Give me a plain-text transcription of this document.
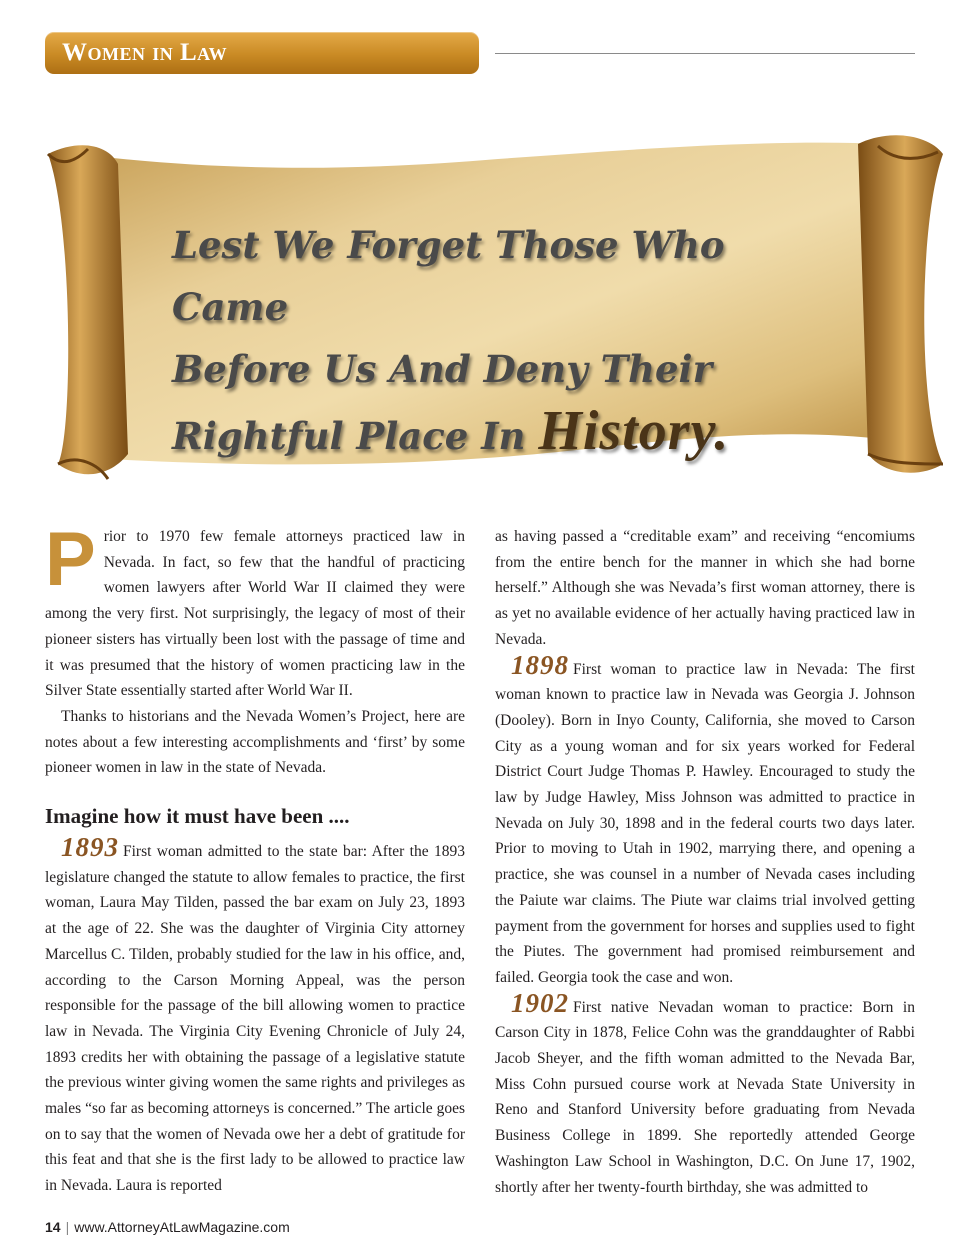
Women in Law
Lest We Forget Those Who Came
Before Us And Deny Their
Rightful Place In History.

Prior to 1970 few female attorneys practiced law in Nevada. In fact, so few that the handful of practicing women lawyers after World War II claimed they were among the very first. Not surprisingly, the legacy of most of their pioneer sisters has virtually been lost with the passage of time and it was presumed that the history of women practicing law in the Silver State essentially started after World War II.

Thanks to historians and the Nevada Women’s Project, here are notes about a few interesting accomplishments and ‘first’ by some pioneer women in law in the state of Nevada.

Imagine how it must have been ....

1893 First woman admitted to the state bar: After the 1893 legislature changed the statute to allow females to practice, the first woman, Laura May Tilden, passed the bar exam on July 23, 1893 at the age of 22. She was the daughter of Virginia City attorney Marcellus C. Tilden, probably studied for the law in his office, and, according to the Carson Morning Appeal, was the person responsible for the passage of the bill allowing women to practice law in Nevada. The Virginia City Evening Chronicle of July 24, 1893 credits her with obtaining the passage of a legislative statute the previous winter giving women the same rights and privileges as males “so far as becoming attorneys is concerned.” The article goes on to say that the women of Nevada owe her a debt of gratitude for this feat and that she is the first lady to be allowed to practice law in Nevada. Laura is reported

as having passed a “creditable exam” and receiving “encomiums from the entire bench for the manner in which she had borne herself.” Although she was Nevada’s first woman attorney, there is as yet no available evidence of her actually having practiced law in Nevada.

1898 First woman to practice law in Nevada: The first woman known to practice law in Nevada was Georgia J. Johnson (Dooley). Born in Inyo County, California, she moved to Carson City as a young woman and for six years worked for Federal District Court Judge Thomas P. Hawley. Encouraged to study the law by Judge Hawley, Miss Johnson was admitted to practice in Nevada on July 30, 1898 and in the federal courts two days later. Prior to moving to Utah in 1902, marrying there, and opening a practice, she was counsel in a number of Nevada cases including the Paiute war claims. The Piute war claims trial involved getting payment from the government for horses and supplies used to fight the Piutes. The government had promised reimbursement and failed. Georgia took the case and won.

1902 First native Nevadan woman to practice: Born in Carson City in 1878, Felice Cohn was the granddaughter of Rabbi Jacob Sheyer, and the fifth woman admitted to the Nevada Bar, Miss Cohn pursued course work at Nevada State University in Reno and Stanford University before graduating from Nevada Business College in 1899. She reportedly attended George Washington Law School in Washington, D.C. On June 17, 1902, shortly after her twenty-fourth birthday, she was admitted to

14 | www.AttorneyAtLawMagazine.com
